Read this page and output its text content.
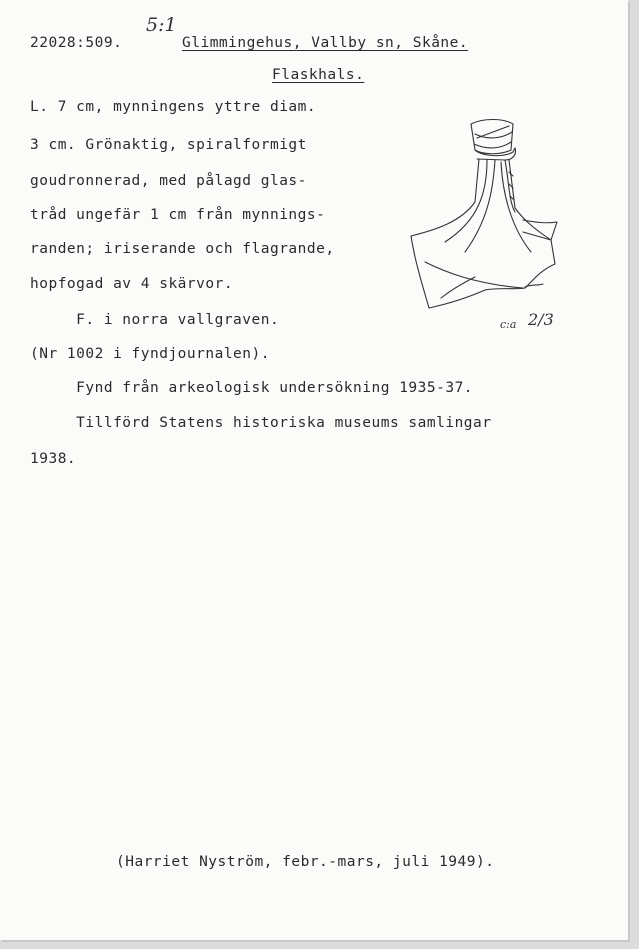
22028:509.
5:1
Glimmingehus, Vallby sn, Skåne.
Flaskhals.
L. 7 cm, mynningens yttre diam.
3 cm. Grönaktig, spiralformigt
goudronnerad, med pålagd glas-
tråd ungefär 1 cm från mynnings-
randen; iriserande och flagrande,
hopfogad av 4 skärvor.
F. i norra vallgraven.
(Nr 1002 i fyndjournalen).
Fynd från arkeologisk undersökning 1935-37.
Tillförd Statens historiska museums samlingar
1938.
c:a 2/3
(Harriet Nyström, febr.-mars, juli 1949).
